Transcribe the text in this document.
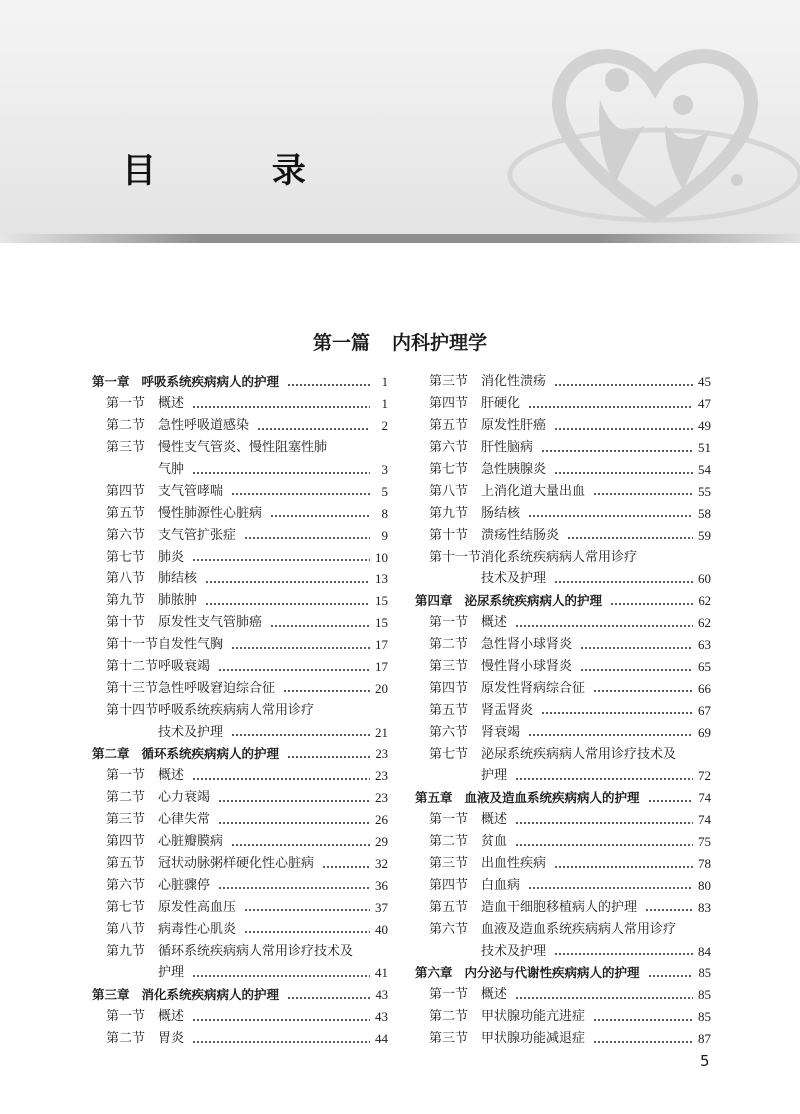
目 录
第一篇 内科护理学
第一章 呼吸系统疾病病人的护理	1
第一节 概述	1
第二节 急性呼吸道感染	2
第三节 慢性支气管炎、慢性阻塞性肺
气肿	3
第四节 支气管哮喘	5
第五节 慢性肺源性心脏病	8
第六节 支气管扩张症	9
第七节 肺炎	10
第八节 肺结核	13
第九节 肺脓肿	15
第十节 原发性支气管肺癌	15
第十一节 自发性气胸	17
第十二节 呼吸衰竭	17
第十三节 急性呼吸窘迫综合征	20
第十四节 呼吸系统疾病病人常用诊疗
技术及护理	21
第二章 循环系统疾病病人的护理	23
第一节 概述	23
第二节 心力衰竭	23
第三节 心律失常	26
第四节 心脏瓣膜病	29
第五节 冠状动脉粥样硬化性心脏病	32
第六节 心脏骤停	36
第七节 原发性高血压	37
第八节 病毒性心肌炎	40
第九节 循环系统疾病病人常用诊疗技术及
护理	41
第三章 消化系统疾病病人的护理	43
第一节 概述	43
第二节 胃炎	44
第三节 消化性溃疡	45
第四节 肝硬化	47
第五节 原发性肝癌	49
第六节 肝性脑病	51
第七节 急性胰腺炎	54
第八节 上消化道大量出血	55
第九节 肠结核	58
第十节 溃疡性结肠炎	59
第十一节 消化系统疾病病人常用诊疗
技术及护理	60
第四章 泌尿系统疾病病人的护理	62
第一节 概述	62
第二节 急性肾小球肾炎	63
第三节 慢性肾小球肾炎	65
第四节 原发性肾病综合征	66
第五节 肾盂肾炎	67
第六节 肾衰竭	69
第七节 泌尿系统疾病病人常用诊疗技术及
护理	72
第五章 血液及造血系统疾病病人的护理	74
第一节 概述	74
第二节 贫血	75
第三节 出血性疾病	78
第四节 白血病	80
第五节 造血干细胞移植病人的护理	83
第六节 血液及造血系统疾病病人常用诊疗
技术及护理	84
第六章 内分泌与代谢性疾病病人的护理	85
第一节 概述	85
第二节 甲状腺功能亢进症	85
第三节 甲状腺功能减退症	87
5
